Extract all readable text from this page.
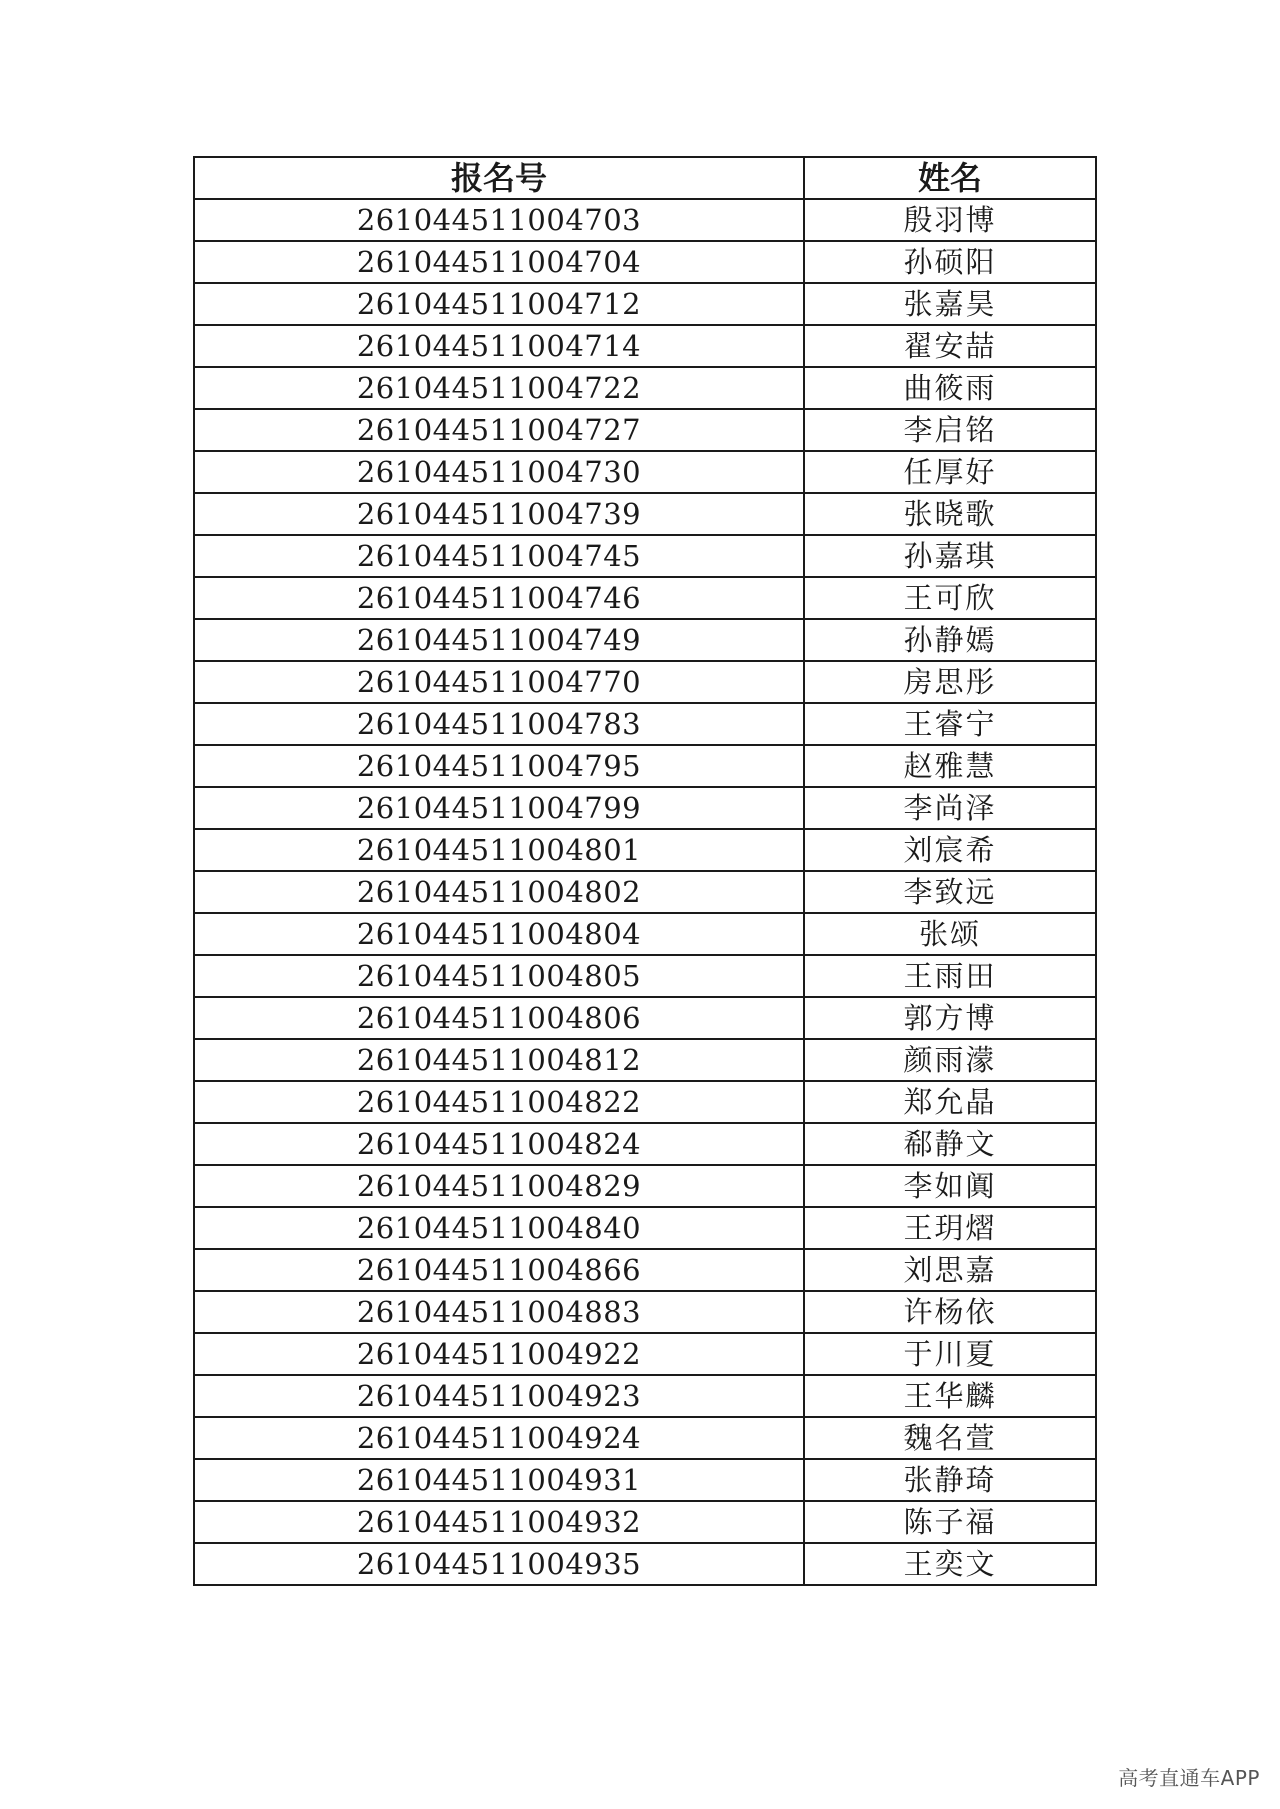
报名号	姓名
261044511004703	殷羽博
261044511004704	孙硕阳
261044511004712	张嘉昊
261044511004714	翟安喆
261044511004722	曲筱雨
261044511004727	李启铭
261044511004730	任厚好
261044511004739	张晓歌
261044511004745	孙嘉琪
261044511004746	王可欣
261044511004749	孙静嫣
261044511004770	房思彤
261044511004783	王睿宁
261044511004795	赵雅慧
261044511004799	李尚泽
261044511004801	刘宸希
261044511004802	李致远
261044511004804	张颂
261044511004805	王雨田
261044511004806	郭方博
261044511004812	颜雨濛
261044511004822	郑允晶
261044511004824	郗静文
261044511004829	李如阗
261044511004840	王玥熠
261044511004866	刘思嘉
261044511004883	许杨依
261044511004922	于川夏
261044511004923	王华麟
261044511004924	魏名萱
261044511004931	张静琦
261044511004932	陈子福
261044511004935	王奕文
高考直通车APP
